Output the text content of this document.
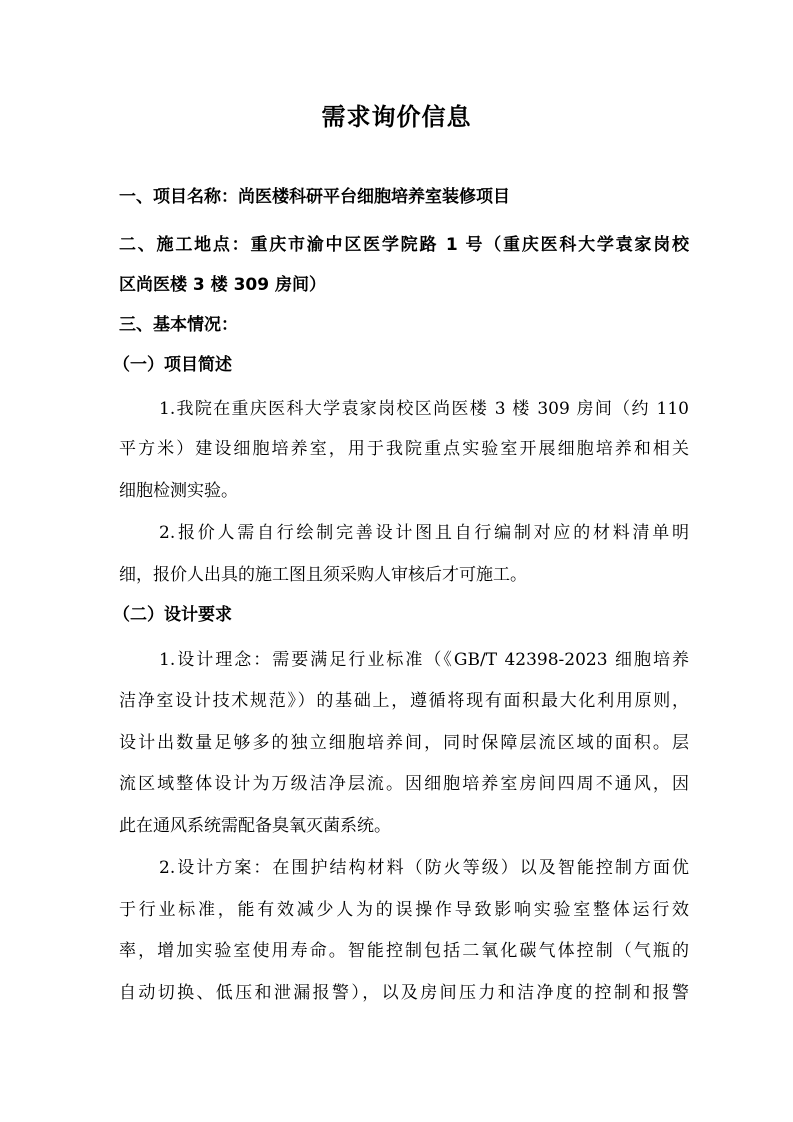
需求询价信息
一、项目名称：尚医楼科研平台细胞培养室装修项目
二、施工地点：重庆市渝中区医学院路 1 号（重庆医科大学袁家岗校
区尚医楼 3 楼 309 房间）
三、基本情况：
（一）项目简述
1.我院在重庆医科大学袁家岗校区尚医楼 3 楼 309 房间（约 110
平方米）建设细胞培养室，用于我院重点实验室开展细胞培养和相关
细胞检测实验。
2.报价人需自行绘制完善设计图且自行编制对应的材料清单明
细，报价人出具的施工图且须采购人审核后才可施工。
（二）设计要求
1.设计理念：需要满足行业标准（《GB/T 42398-2023 细胞培养
洁净室设计技术规范》）的基础上，遵循将现有面积最大化利用原则，
设计出数量足够多的独立细胞培养间，同时保障层流区域的面积。层
流区域整体设计为万级洁净层流。因细胞培养室房间四周不通风，因
此在通风系统需配备臭氧灭菌系统。
2.设计方案：在围护结构材料（防火等级）以及智能控制方面优
于行业标准，能有效减少人为的误操作导致影响实验室整体运行效
率，增加实验室使用寿命。智能控制包括二氧化碳气体控制（气瓶的
自动切换、低压和泄漏报警），以及房间压力和洁净度的控制和报警
